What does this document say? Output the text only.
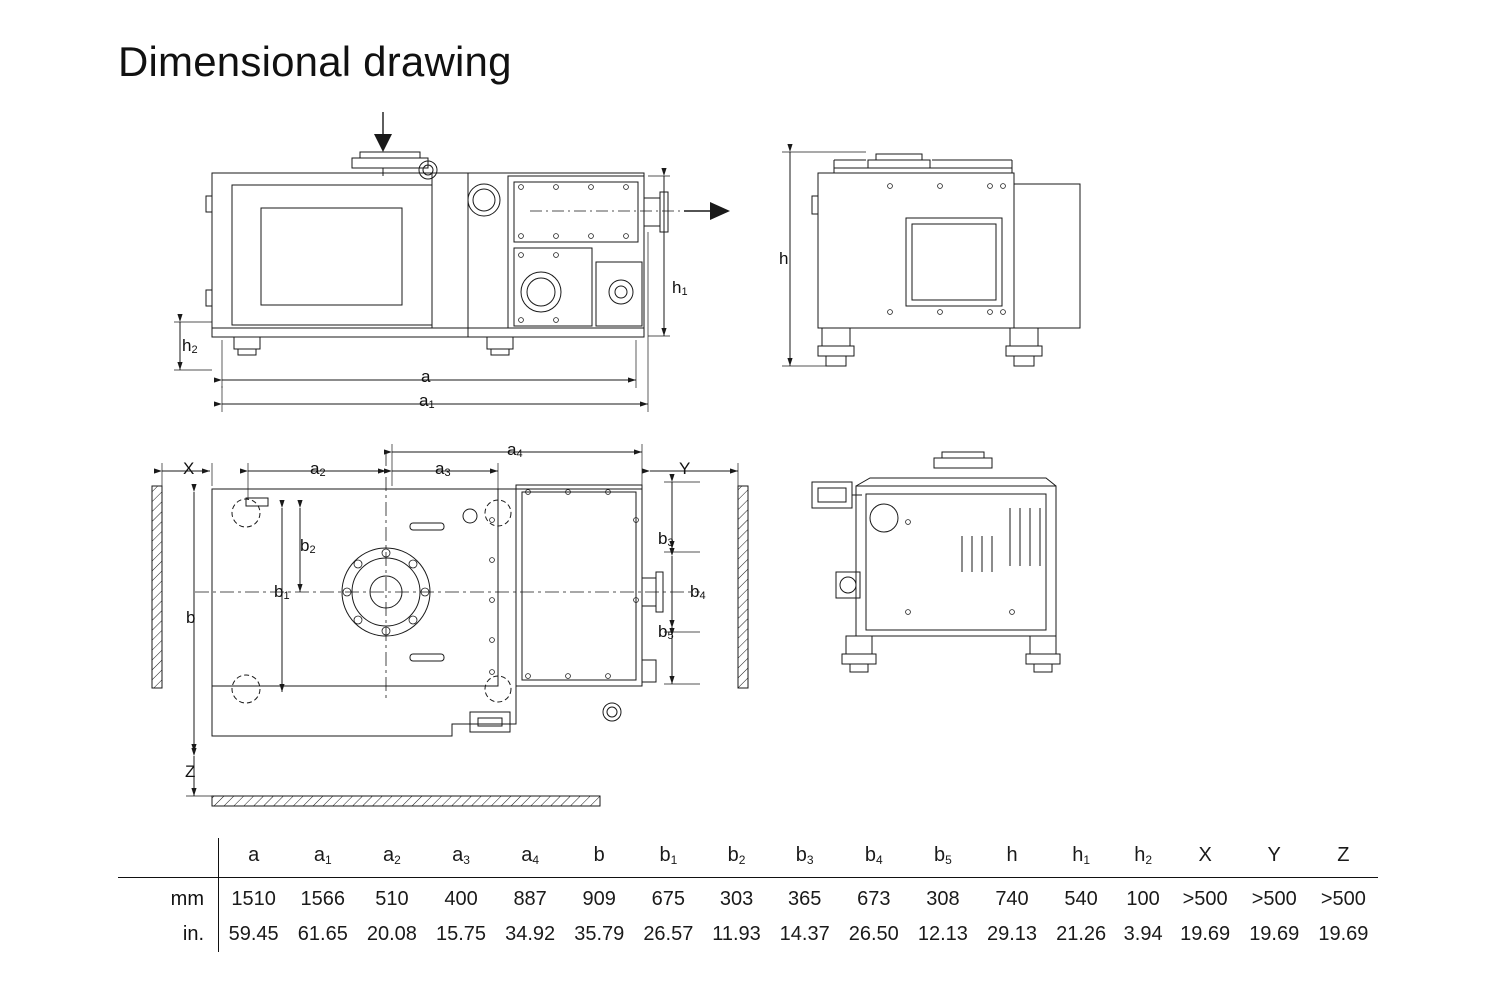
Dimensional drawing
$h_1$
$h_2$
a
$a_1$
h
$a_4$
$a_2$	$a_3$
X	Y
b
$b_1$
$b_2$
$b_3$
$b_4$
$b_5$
Z
	a	$a_1$	$a_2$	$a_3$	$a_4$	b	$b_1$	$b_2$	$b_3$	$b_4$	$b_5$	h	$h_1$	$h_2$	X	Y	Z
mm	1510	1566	510	400	887	909	675	303	365	673	308	740	540	100	>500	>500	>500
in.	59.45	61.65	20.08	15.75	34.92	35.79	26.57	11.93	14.37	26.50	12.13	29.13	21.26	3.94	19.69	19.69	19.69
